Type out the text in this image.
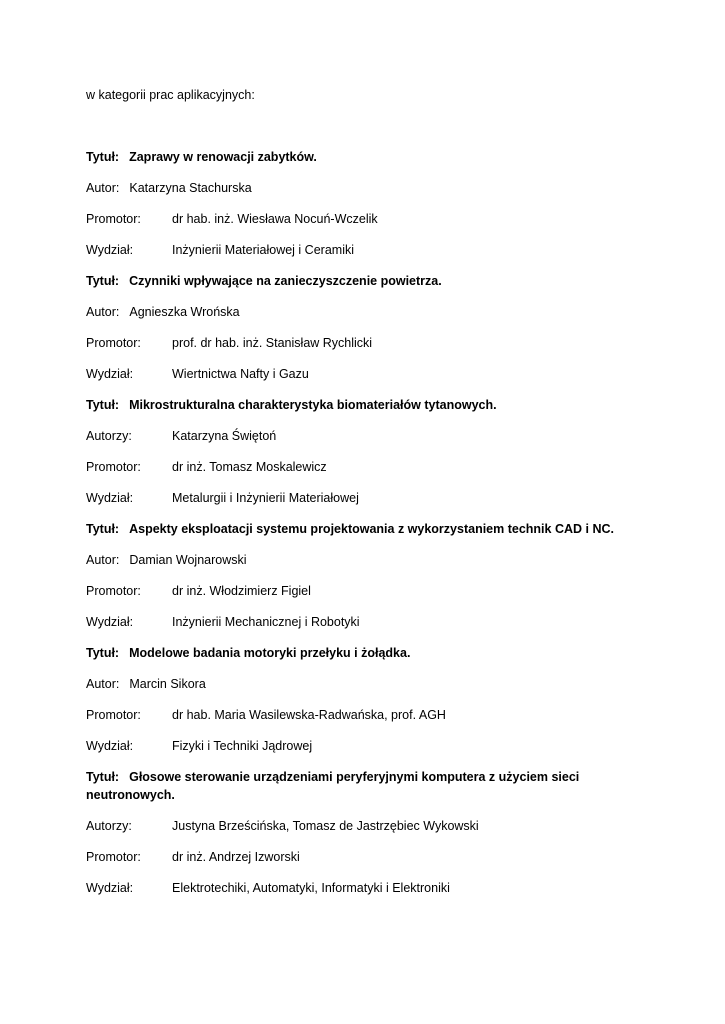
w kategorii prac aplikacyjnych:
Tytuł: Zaprawy w renowacji zabytków.
Autor: Katarzyna Stachurska
Promotor: dr hab. inż. Wiesława Nocuń-Wczelik
Wydział:	Inżynierii Materiałowej i Ceramiki
Tytuł: Czynniki wpływające na zanieczyszczenie powietrza.
Autor: Agnieszka Wrońska
Promotor: prof. dr hab. inż. Stanisław Rychlicki
Wydział:	Wiertnictwa Nafty i Gazu
Tytuł: Mikrostrukturalna charakterystyka biomateriałów tytanowych.
Autorzy:	Katarzyna Świętoń
Promotor: dr inż. Tomasz Moskalewicz
Wydział:	Metalurgii i Inżynierii Materiałowej
Tytuł: Aspekty eksploatacji systemu projektowania z wykorzystaniem technik CAD i NC.
Autor: Damian Wojnarowski
Promotor: dr inż. Włodzimierz Figiel
Wydział:	Inżynierii Mechanicznej i Robotyki
Tytuł: Modelowe badania motoryki przełyku i żołądka.
Autor: Marcin Sikora
Promotor: dr hab. Maria Wasilewska-Radwańska, prof. AGH
Wydział:	Fizyki i Techniki Jądrowej
Tytuł: Głosowe sterowanie urządzeniami peryferyjnymi komputera z użyciem sieci neutronowych.
Autorzy:	Justyna Brześcińska, Tomasz de Jastrzębiec Wykowski
Promotor: dr inż. Andrzej Izworski
Wydział:	Elektrotechiki, Automatyki, Informatyki i Elektroniki
